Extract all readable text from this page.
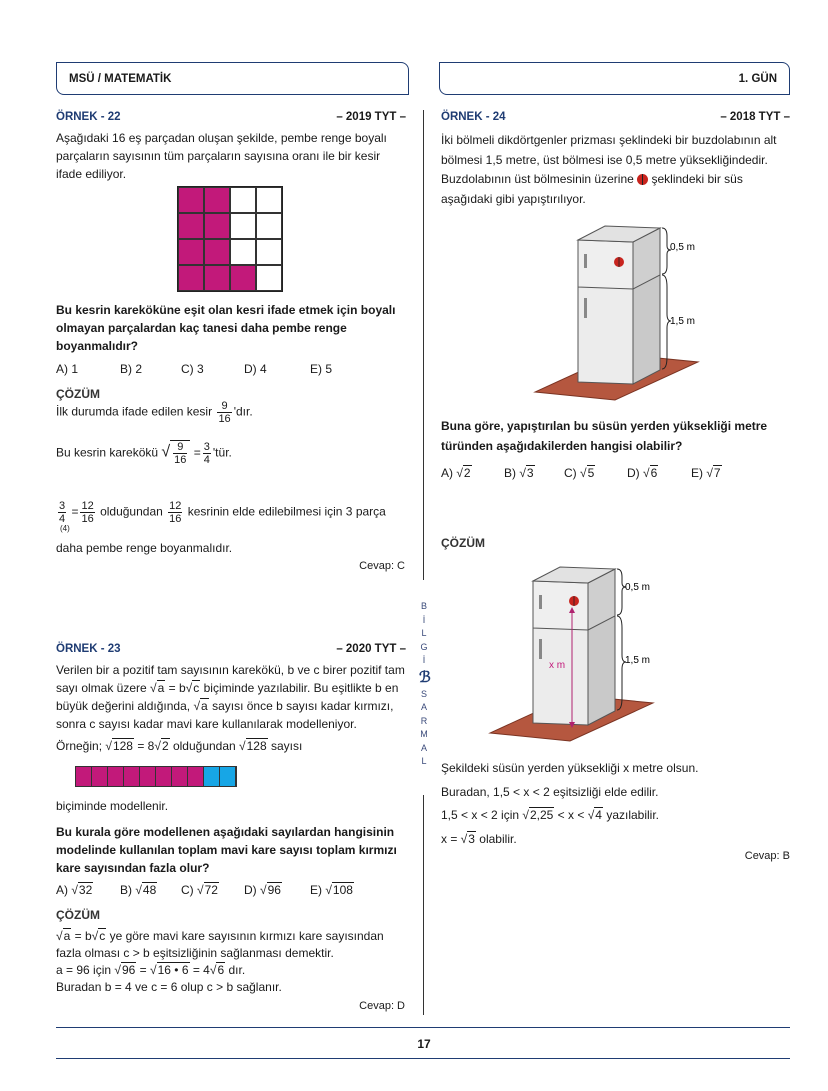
MSÜ / MATEMATİK	1. GÜN
B
İ
L
G
İ
ℬ
S
A
R
M
A
L
ÖRNEK - 22	– 2019 TYT –
Aşağıdaki 16 eş parçadan oluşan şekilde, pembe renge boyalı parçaların sayısının tüm parçaların sayısına oranı ile bir kesir ifade ediliyor.
Bu kesrin kareköküne eşit olan kesri ifade etmek için boyalı olmayan parçalardan kaç tanesi daha pembe renge boyanmalıdır?
A) 1	B) 2	C) 3	D) 4	E) 5
ÇÖZÜM
İlk durumda ifade edilen kesir $\frac{9}{16}$ 'dır.
Bu kesrin karekökü √ $\frac{9}{16} = \frac{3}{4}$ 'tür.
3
4
(4)
= $\frac{12}{16}$ olduğundan $\frac{12}{16}$ kesrinin elde edilebilmesi için 3 parça
daha pembe renge boyanmalıdır.
Cevap: C
ÖRNEK - 23	– 2020 TYT –
Verilen bir a pozitif tam sayısının karekökü, b ve c birer pozitif tam
sayı olmak üzere √a = b√c biçiminde yazılabilir. Bu eşitlikte b en
büyük değerini aldığında, √a sayısı önce b sayısı kadar kırmızı,
sonra c sayısı kadar mavi kare kullanılarak modelleniyor.
Örneğin; √128 = 8√2 olduğundan √128 sayısı
biçiminde modellenir.
Bu kurala göre modellenen aşağıdaki sayılardan hangisinin modelinde kullanılan toplam mavi kare sayısı toplam kırmızı kare sayısından fazla olur?
A) √32	B) √48	C) √72	D) √96	E) √108
ÇÖZÜM
√a = b√c ye göre mavi kare sayısının kırmızı kare sayısından
fazla olması c > b eşitsizliğinin sağlanması demektir.
a = 96 için √96 = √16 • 6 = 4√6 dır.
Buradan b = 4 ve c = 6 olup c > b sağlanır.
Cevap: D
ÖRNEK - 24	– 2018 TYT –
İki bölmeli dikdörtgenler prizması şeklindeki bir buzdolabının alt
bölmesi 1,5 metre, üst bölmesi ise 0,5 metre yüksekliğindedir.
Buzdolabının üst bölmesinin üzerine şeklindeki bir süs
aşağıdaki gibi yapıştırılıyor.
0,5 m
1,5 m
Buna göre, yapıştırılan bu süsün yerden yüksekliği metre türünden aşağıdakilerden hangisi olabilir?
A) √2	B) √3	C) √5	D) √6	E) √7
ÇÖZÜM
x m
0,5 m
1,5 m
Şekildeki süsün yerden yüksekliği x metre olsun.
Buradan, 1,5 < x < 2 eşitsizliği elde edilir.
1,5 < x < 2 için √2,25 < x < √4 yazılabilir.
x = √3 olabilir.
Cevap: B
17
